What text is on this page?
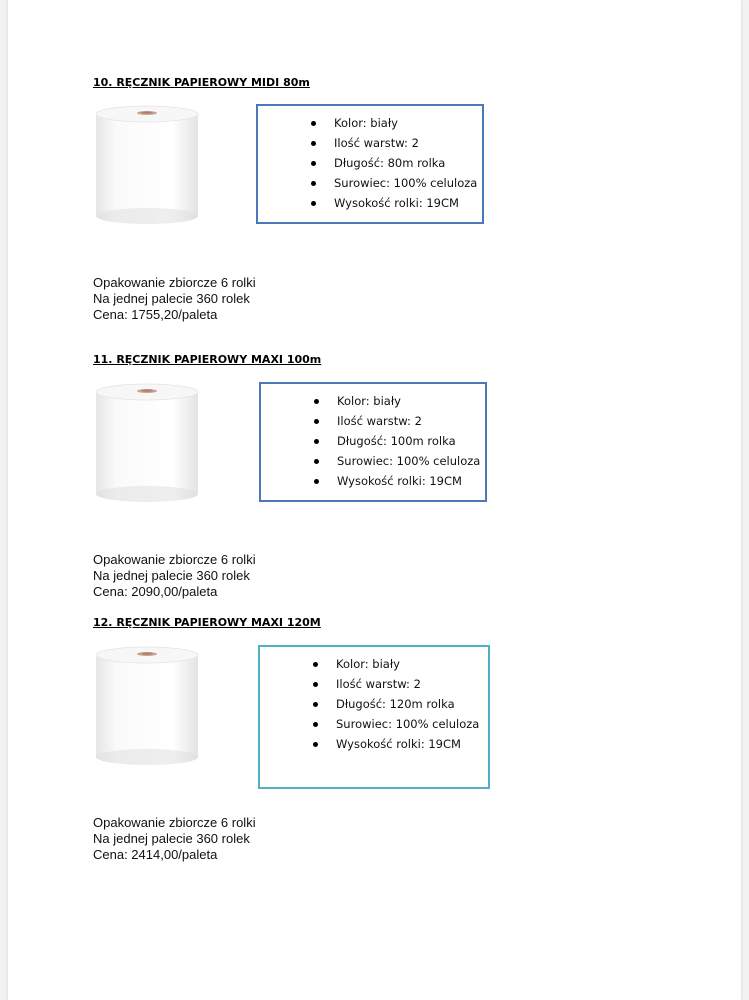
10. RĘCZNIK PAPIEROWY MIDI 80m
Kolor: biały
Ilość warstw: 2
Długość: 80m rolka
Surowiec: 100% celuloza
Wysokość rolki: 19CM
Opakowanie zbiorcze 6 rolki
Na jednej palecie 360 rolek
Cena: 1755,20/paleta
11. RĘCZNIK PAPIEROWY MAXI 100m
Kolor: biały
Ilość warstw: 2
Długość: 100m rolka
Surowiec: 100% celuloza
Wysokość rolki: 19CM
Opakowanie zbiorcze 6 rolki
Na jednej palecie 360 rolek
Cena: 2090,00/paleta
12. RĘCZNIK PAPIEROWY MAXI 120M
Kolor: biały
Ilość warstw: 2
Długość: 120m rolka
Surowiec: 100% celuloza
Wysokość rolki: 19CM
Opakowanie zbiorcze 6 rolki
Na jednej palecie 360 rolek
Cena: 2414,00/paleta
